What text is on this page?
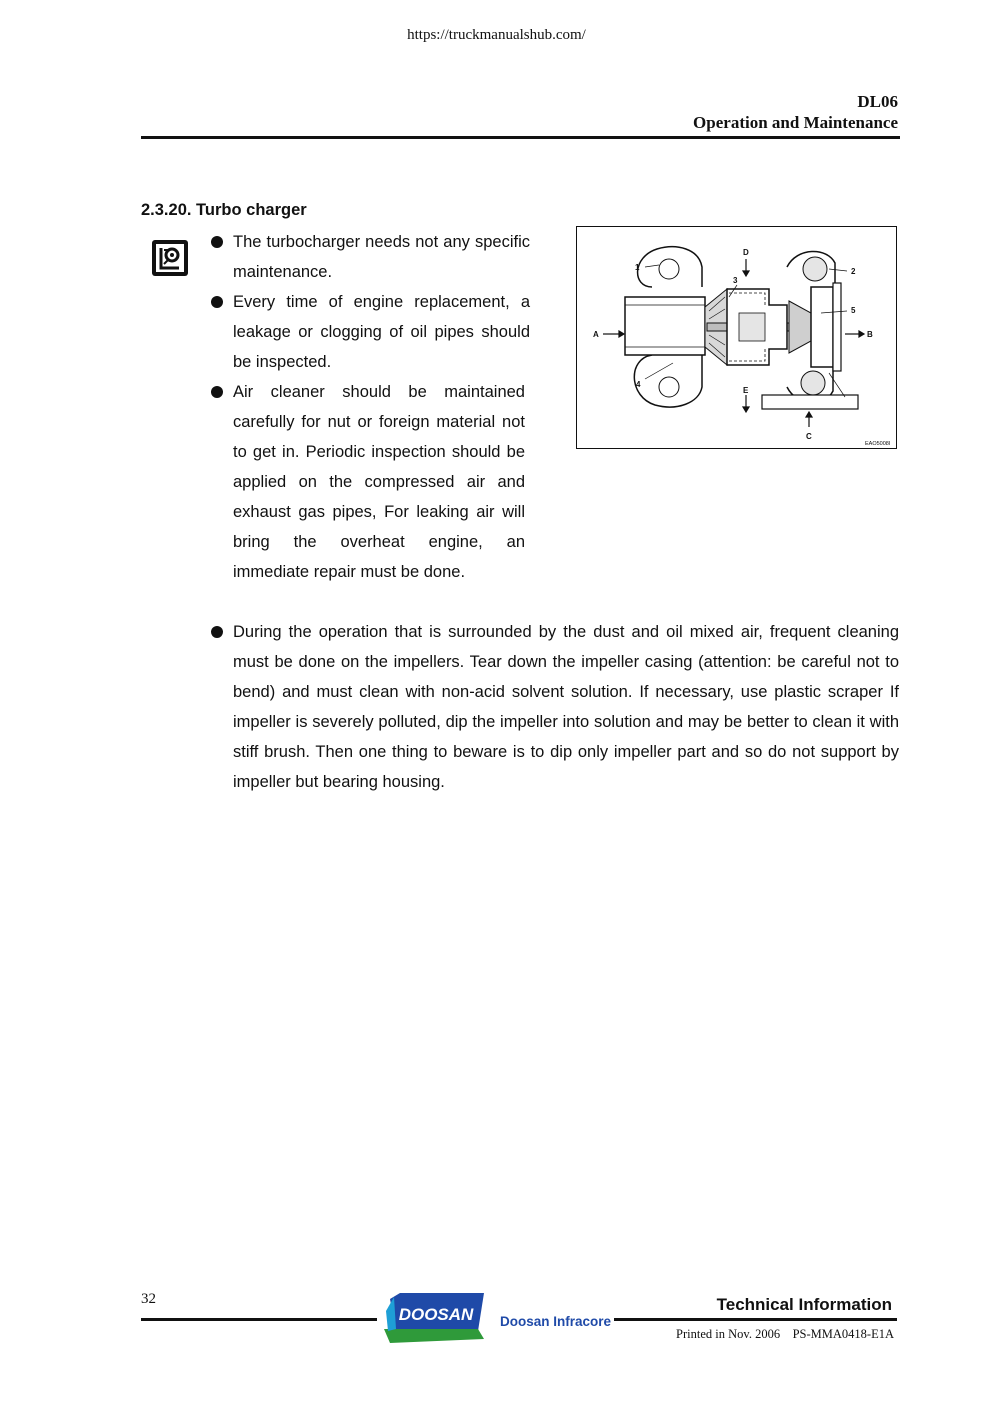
https://truckmanualshub.com/
DL06
Operation and Maintenance
2.3.20. Turbo charger
The turbocharger needs not any specific maintenance.
Every time of engine replacement, a leakage or clogging of oil pipes should be inspected.
Air cleaner should be maintained carefully for nut or foreign material not to get in. Periodic inspection should be applied on the compressed air and exhaust gas pipes, For leaking air will bring the overheat engine, an immediate repair must be done.
During the operation that is surrounded by the dust and oil mixed air, frequent cleaning must be done on the impellers. Tear down the impeller casing (attention: be careful not to bend) and must clean with non-acid solvent solution. If necessary, use plastic scraper If impeller is severely polluted, dip the impeller into solution and may be better to clean it with stiff brush. Then one thing to beware is to dip only impeller part and so do not support by impeller but bearing housing.
1
3
4
2
5
A	B
D
E
C
EAO5008I
32
DOOSAN Doosan Infracore
Technical Information
Printed in Nov. 2006    PS-MMA0418-E1A
